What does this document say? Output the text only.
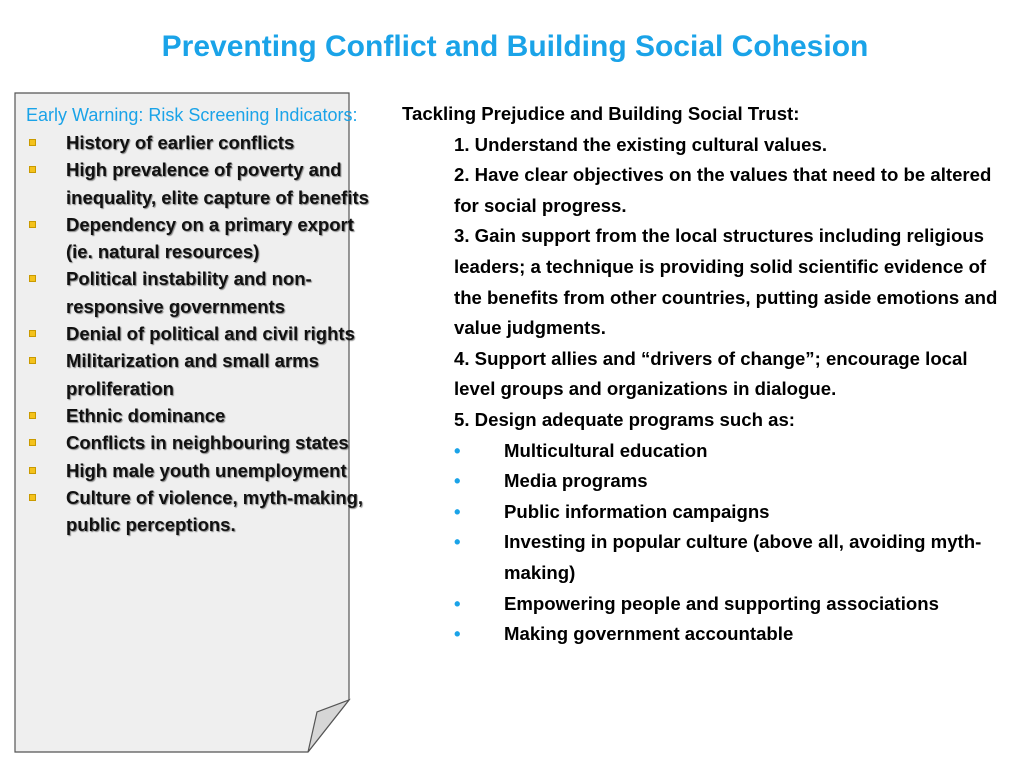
Preventing Conflict and Building Social Cohesion

Early Warning: Risk Screening Indicators:

History of earlier conflicts
High prevalence of poverty and inequality, elite capture of benefits
Dependency on a primary export (ie. natural resources)
Political instability and non-responsive governments
Denial of political and civil rights
Militarization and small arms proliferation
Ethnic dominance
Conflicts in neighbouring states
High male youth unemployment
Culture of violence, myth-making, public perceptions.

Tackling Prejudice and Building Social Trust:

1. Understand the existing cultural values.
2. Have clear objectives on the values that need to be altered for social progress.
3. Gain support from the local structures including religious leaders; a technique is providing solid scientific evidence of the benefits from other countries, putting aside emotions and value judgments.
4. Support allies and “drivers of change”; encourage local level groups and organizations in dialogue.
5. Design adequate programs such as:
• Multicultural education
• Media programs
• Public information campaigns
• Investing in popular culture (above all, avoiding myth-making)
• Empowering people and supporting associations
• Making government accountable
